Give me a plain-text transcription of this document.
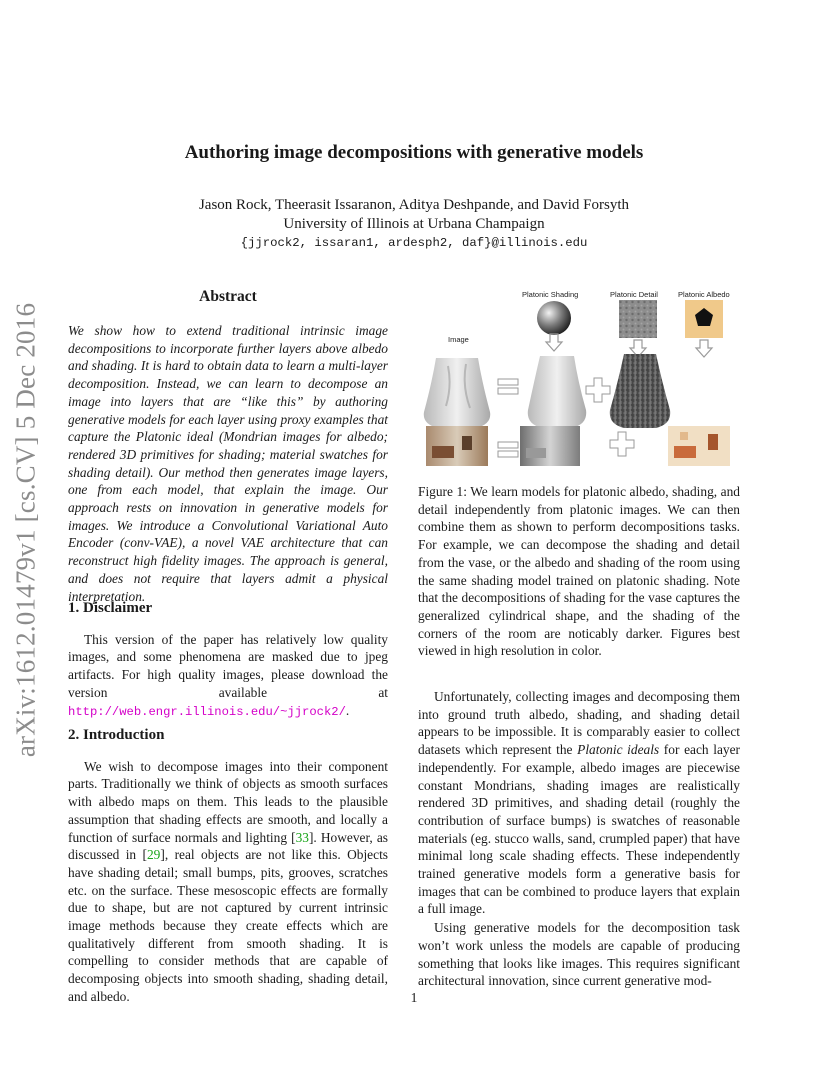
Authoring image decompositions with generative models
Jason Rock, Theerasit Issaranon, Aditya Deshpande, and David Forsyth
University of Illinois at Urbana Champaign
{jjrock2, issaran1, ardesph2, daf}@illinois.edu
arXiv:1612.01479v1 [cs.CV] 5 Dec 2016
Abstract
We show how to extend traditional intrinsic image decompositions to incorporate further layers above albedo and shading. It is hard to obtain data to learn a multi-layer decomposition. Instead, we can learn to decompose an image into layers that are “like this” by authoring generative models for each layer using proxy examples that capture the Platonic ideal (Mondrian images for albedo; rendered 3D primitives for shading; material swatches for shading detail). Our method then generates image layers, one from each model, that explain the image. Our approach rests on innovation in generative models for images. We introduce a Convolutional Variational Auto Encoder (conv-VAE), a novel VAE architecture that can reconstruct high fidelity images. The approach is general, and does not require that layers admit a physical interpretation.
1. Disclaimer

This version of the paper has relatively low quality images, and some phenomena are masked due to jpeg artifacts. For high quality images, please download the version available at http://web.engr.illinois.edu/~jjrock2/.

2. Introduction

We wish to decompose images into their component parts. Traditionally we think of objects as smooth surfaces with albedo maps on them. This leads to the plausible assumption that shading effects are smooth, and locally a function of surface normals and lighting [33]. However, as discussed in [29], real objects are not like this. Objects have shading detail; small bumps, pits, grooves, scratches etc. on the surface. These mesoscopic effects are formally due to shape, but are not captured by current intrinsic image methods because they create effects which are qualitatively different from smooth shading. It is compelling to consider methods that are capable of decomposing objects into smooth shading, shading detail, and albedo.

Platonic Shading	Platonic Detail	Platonic Albedo
Image
Figure 1: We learn models for platonic albedo, shading, and detail independently from platonic images. We can then combine them as shown to perform decompositions tasks. For example, we can decompose the shading and detail from the vase, or the albedo and shading of the room using the same shading model trained on platonic shading. Note that the decompositions of shading for the vase captures the generalized cylindrical shape, and the shading of the corners of the room are noticably darker. Figures best viewed in high resolution in color.

Unfortunately, collecting images and decomposing them into ground truth albedo, shading, and shading detail appears to be impossible. It is comparably easier to collect datasets which represent the Platonic ideals for each layer independently. For example, albedo images are piecewise constant Mondrians, shading images are realistically rendered 3D primitives, and shading detail (roughly the contribution of surface bumps) is swatches of reasonable materials (eg. stucco walls, sand, crumpled paper) that have minimal long scale shading effects. These independently trained generative models form a generative basis for images that can be combined to produce layers that explain a full image.

Using generative models for the decomposition task won’t work unless the models are capable of producing something that looks like images. This requires significant architectural innovation, since current generative mod-

1
